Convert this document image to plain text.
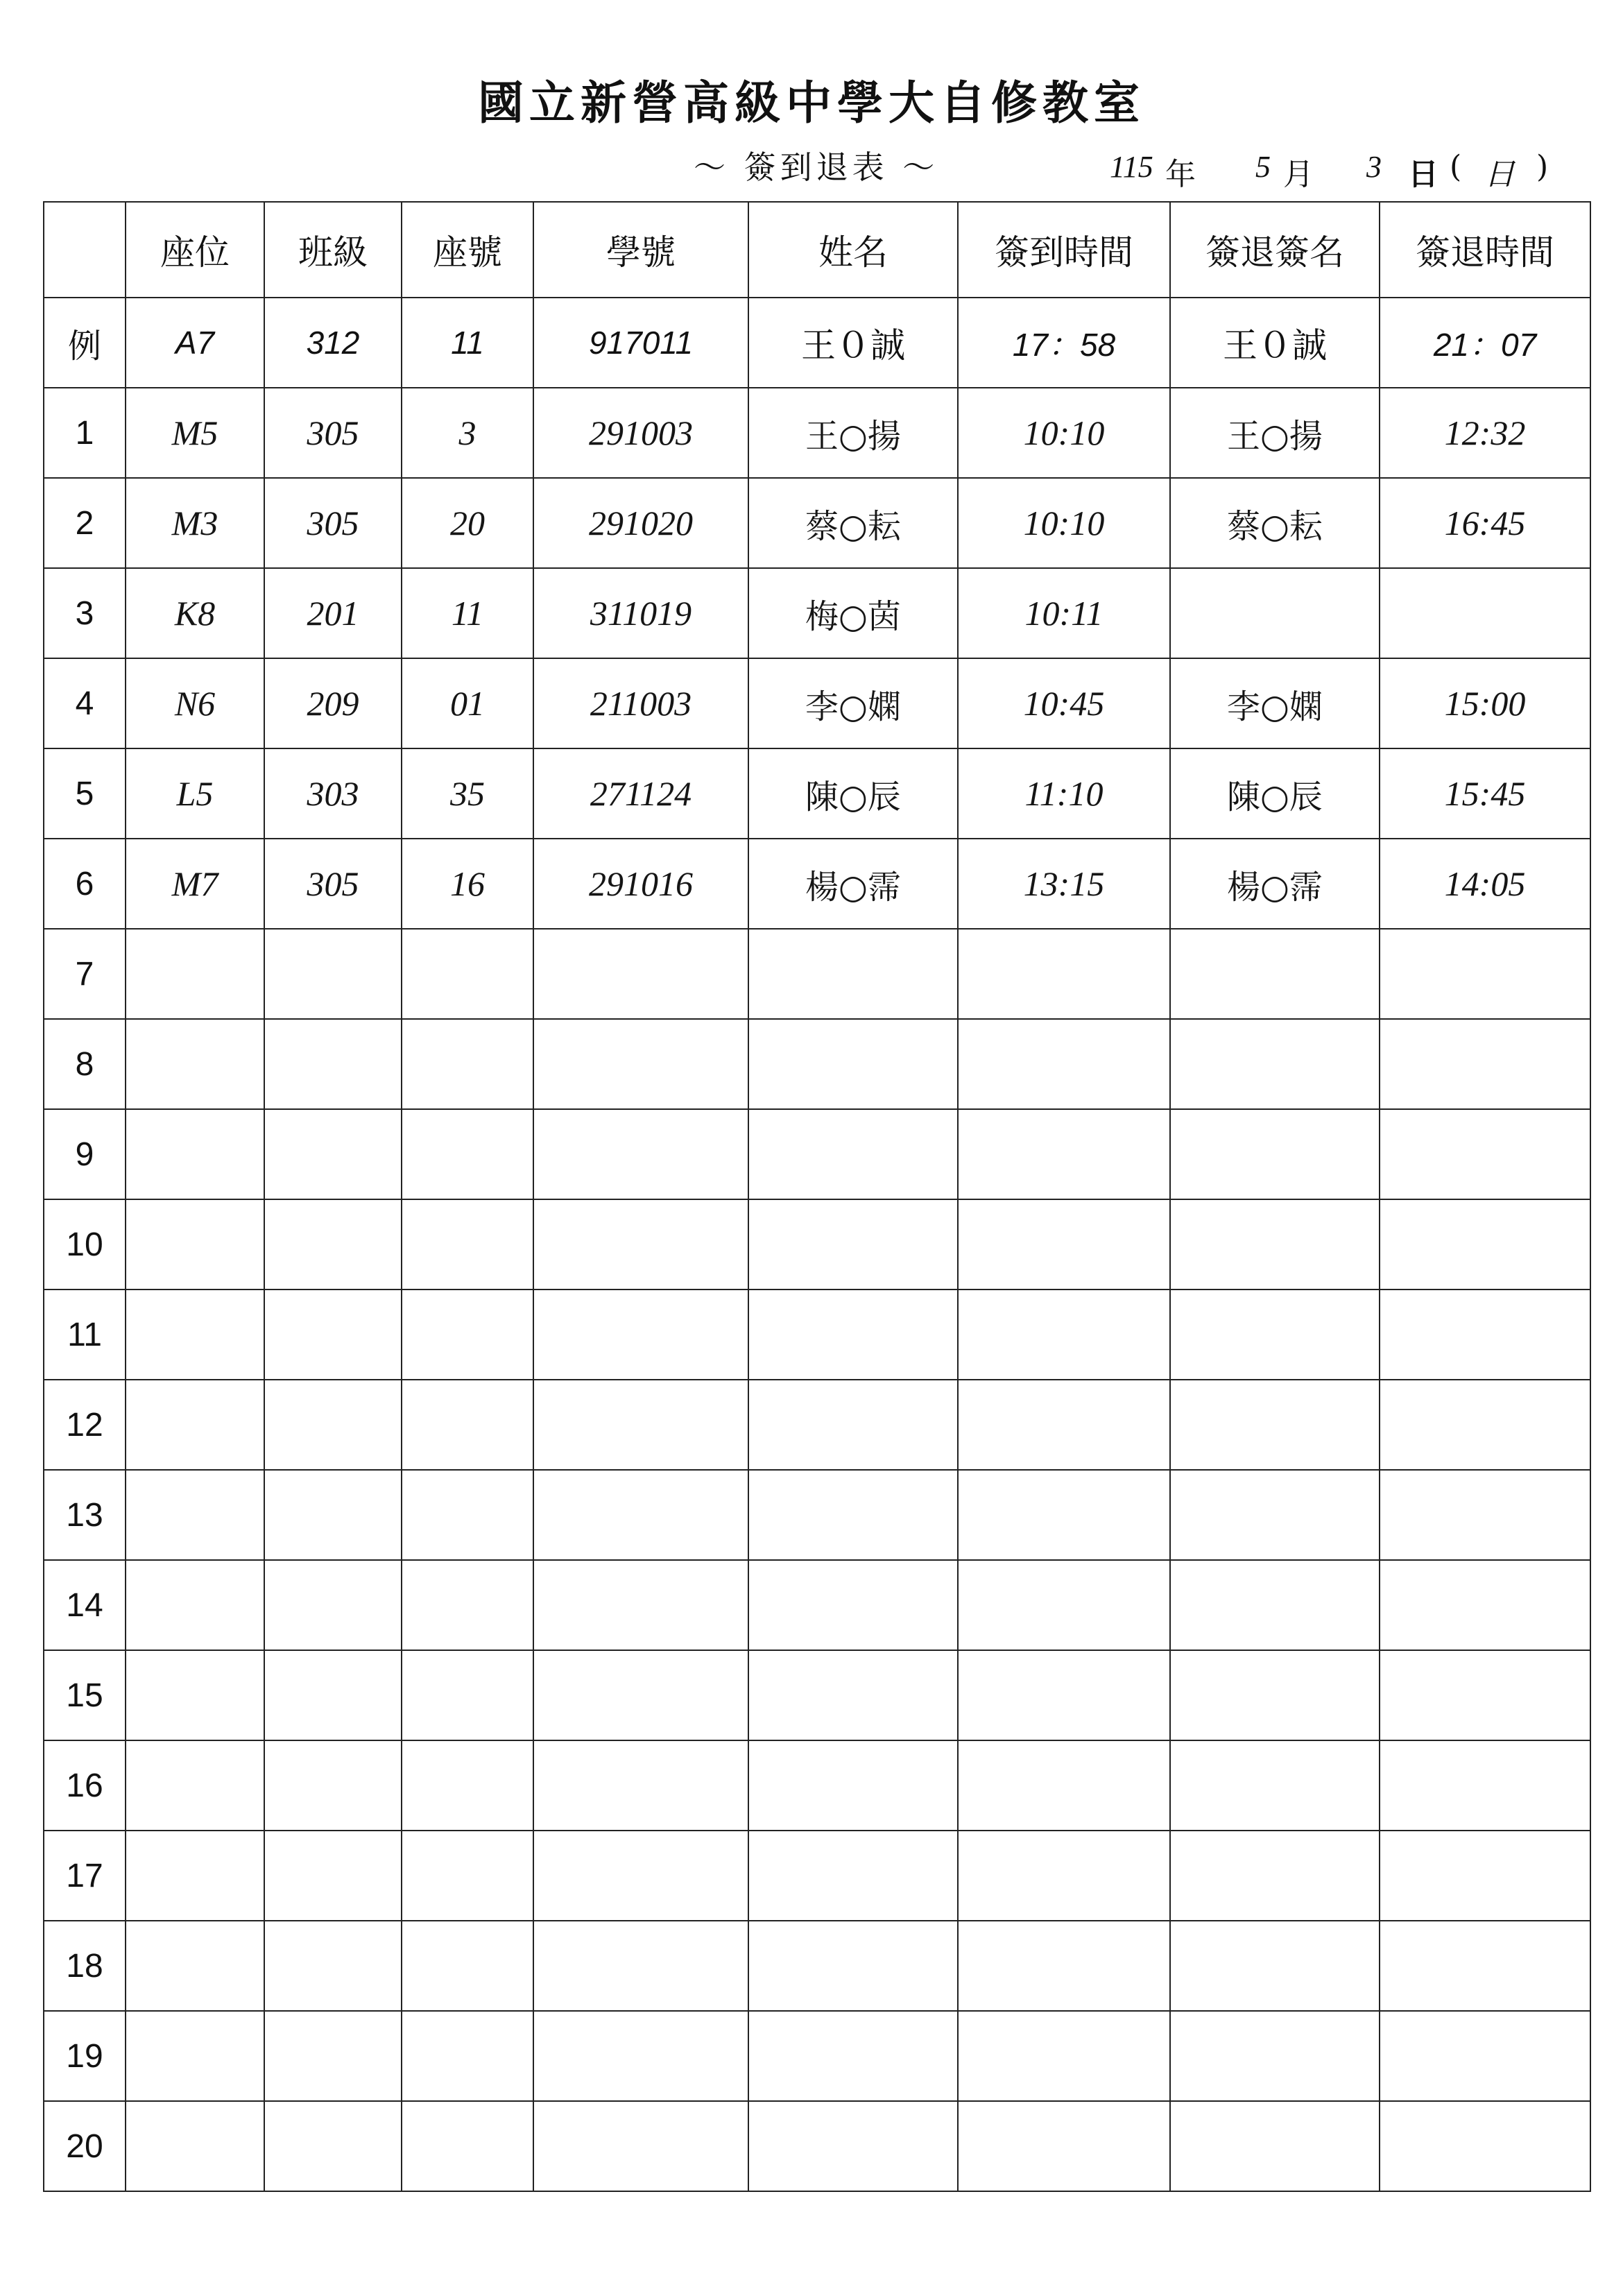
國立新營高級中學大自修教室
～ 簽到退表 ～	115 年 5 月 3 日 ( 日 )
	座位	班級	座號	學號	姓名	簽到時間	簽退簽名	簽退時間
例	A7	312	11	917011	王０誠	17：58	王０誠	21：07
1	M5	305	3	291003	王○揚	10:10	王○揚	12:32
2	M3	305	20	291020	蔡○耘	10:10	蔡○耘	16:45
3	K8	201	11	311019	梅○茵	10:11		
4	N6	209	01	211003	李○嫻	10:45	李○嫻	15:00
5	L5	303	35	271124	陳○辰	11:10	陳○辰	15:45
6	M7	305	16	291016	楊○霈	13:15	楊○霈	14:05
7								
8								
9								
10								
11								
12								
13								
14								
15								
16								
17								
18								
19								
20								
